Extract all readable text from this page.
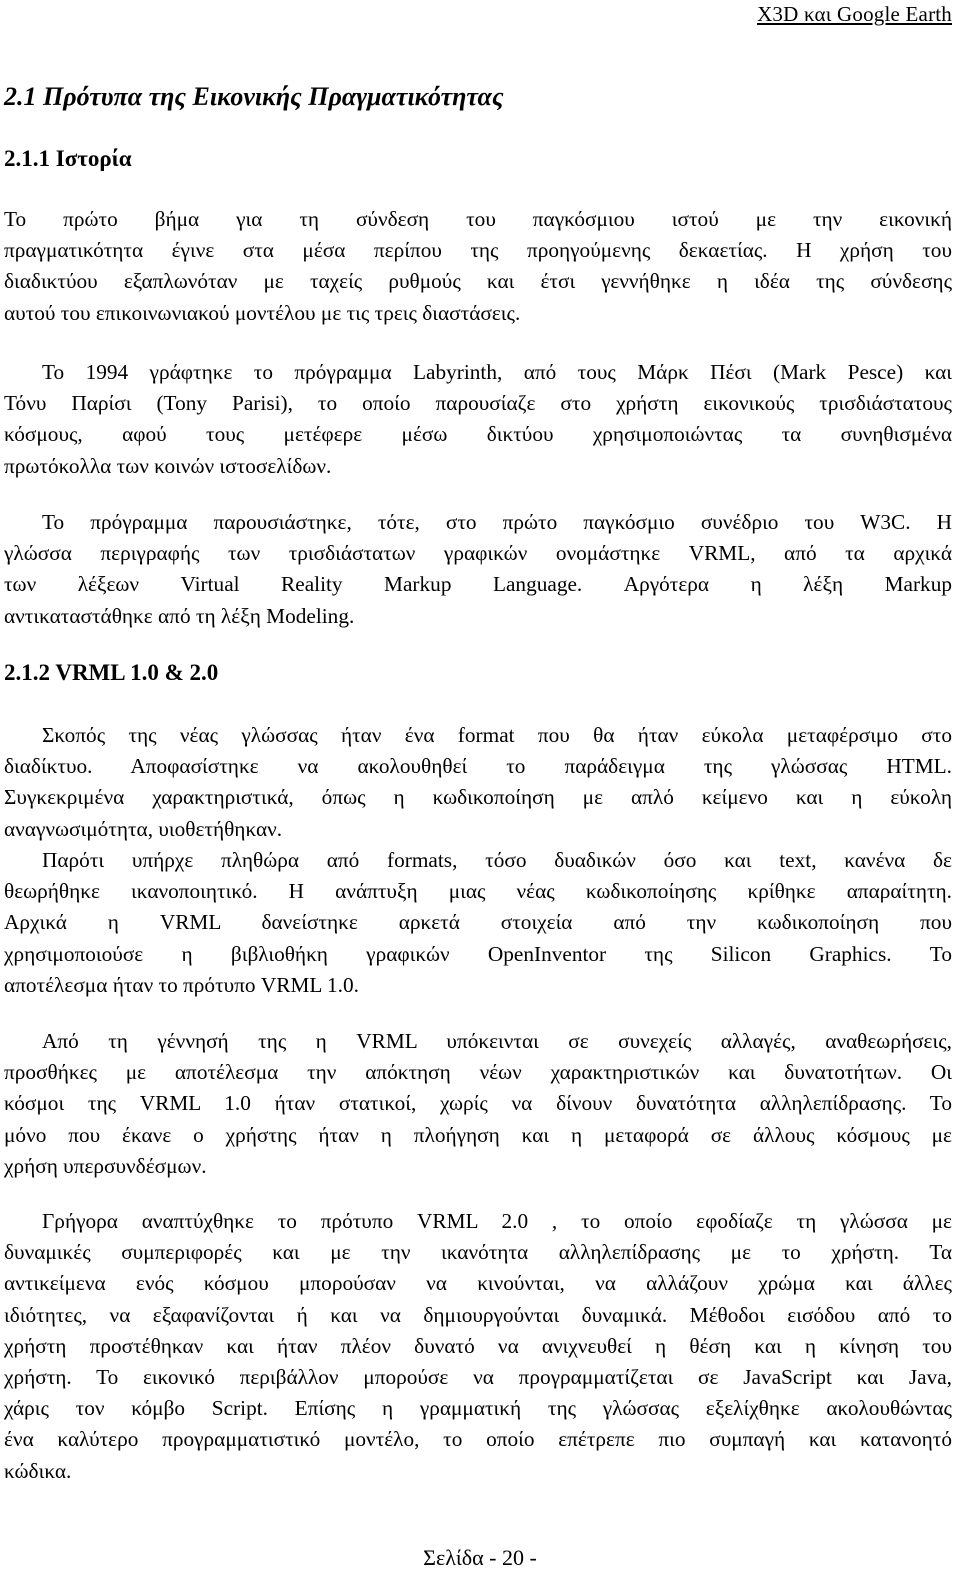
X3D και Google Earth
2.1 Πρότυπα της Εικονικής Πραγματικότητας
2.1.1 Ιστορία
Το πρώτο βήμα για τη σύνδεση του παγκόσμιου ιστού με την εικονική
πραγματικότητα έγινε στα μέσα περίπου της προηγούμενης δεκαετίας. Η χρήση του
διαδικτύου εξαπλωνόταν με ταχείς ρυθμούς και έτσι γεννήθηκε η ιδέα της σύνδεσης
αυτού του επικοινωνιακού μοντέλου με τις τρεις διαστάσεις.
Το 1994 γράφτηκε το πρόγραμμα Labyrinth, από τους Μάρκ Πέσι (Mark Pesce) και
Τόνυ Παρίσι (Tony Parisi), το οποίο παρουσίαζε στο χρήστη εικονικούς τρισδιάστατους
κόσμους, αφού τους μετέφερε μέσω δικτύου χρησιμοποιώντας τα συνηθισμένα
πρωτόκολλα των κοινών ιστοσελίδων.
Το πρόγραμμα παρουσιάστηκε, τότε, στο πρώτο παγκόσμιο συνέδριο του W3C. Η
γλώσσα περιγραφής των τρισδιάστατων γραφικών ονομάστηκε VRML, από τα αρχικά
των λέξεων Virtual Reality Markup Language. Αργότερα η λέξη Markup
αντικαταστάθηκε από τη λέξη Modeling.
2.1.2 VRML 1.0 & 2.0
Σκοπός της νέας γλώσσας ήταν ένα format που θα ήταν εύκολα μεταφέρσιμο στο
διαδίκτυο. Αποφασίστηκε να ακολουθηθεί το παράδειγμα της γλώσσας HTML.
Συγκεκριμένα χαρακτηριστικά, όπως η κωδικοποίηση με απλό κείμενο και η εύκολη
αναγνωσιμότητα, υιοθετήθηκαν.
Παρότι υπήρχε πληθώρα από formats, τόσο δυαδικών όσο και text, κανένα δε
θεωρήθηκε ικανοποιητικό. Η ανάπτυξη μιας νέας κωδικοποίησης κρίθηκε απαραίτητη.
Αρχικά η VRML δανείστηκε αρκετά στοιχεία από την κωδικοποίηση που
χρησιμοποιούσε η βιβλιοθήκη γραφικών OpenInventor της Silicon Graphics. Το
αποτέλεσμα ήταν το πρότυπο VRML 1.0.
Από τη γέννησή της η VRML υπόκεινται σε συνεχείς αλλαγές, αναθεωρήσεις,
προσθήκες με αποτέλεσμα την απόκτηση νέων χαρακτηριστικών και δυνατοτήτων. Οι
κόσμοι της VRML 1.0 ήταν στατικοί, χωρίς να δίνουν δυνατότητα αλληλεπίδρασης. Το
μόνο που έκανε ο χρήστης ήταν η πλοήγηση και η μεταφορά σε άλλους κόσμους με
χρήση υπερσυνδέσμων.
Γρήγορα αναπτύχθηκε το πρότυπο VRML 2.0 , το οποίο εφοδίαζε τη γλώσσα με
δυναμικές συμπεριφορές και με την ικανότητα αλληλεπίδρασης με το χρήστη. Τα
αντικείμενα ενός κόσμου μπορούσαν να κινούνται, να αλλάζουν χρώμα και άλλες
ιδιότητες, να εξαφανίζονται ή και να δημιουργούνται δυναμικά. Μέθοδοι εισόδου από το
χρήστη προστέθηκαν και ήταν πλέον δυνατό να ανιχνευθεί η θέση και η κίνηση του
χρήστη. Το εικονικό περιβάλλον μπορούσε να προγραμματίζεται σε JavaScript και Java,
χάρις τον κόμβο Script. Επίσης η γραμματική της γλώσσας εξελίχθηκε ακολουθώντας
ένα καλύτερο προγραμματιστικό μοντέλο, το οποίο επέτρεπε πιο συμπαγή και κατανοητό
κώδικα.
Σελίδα - 20 -
